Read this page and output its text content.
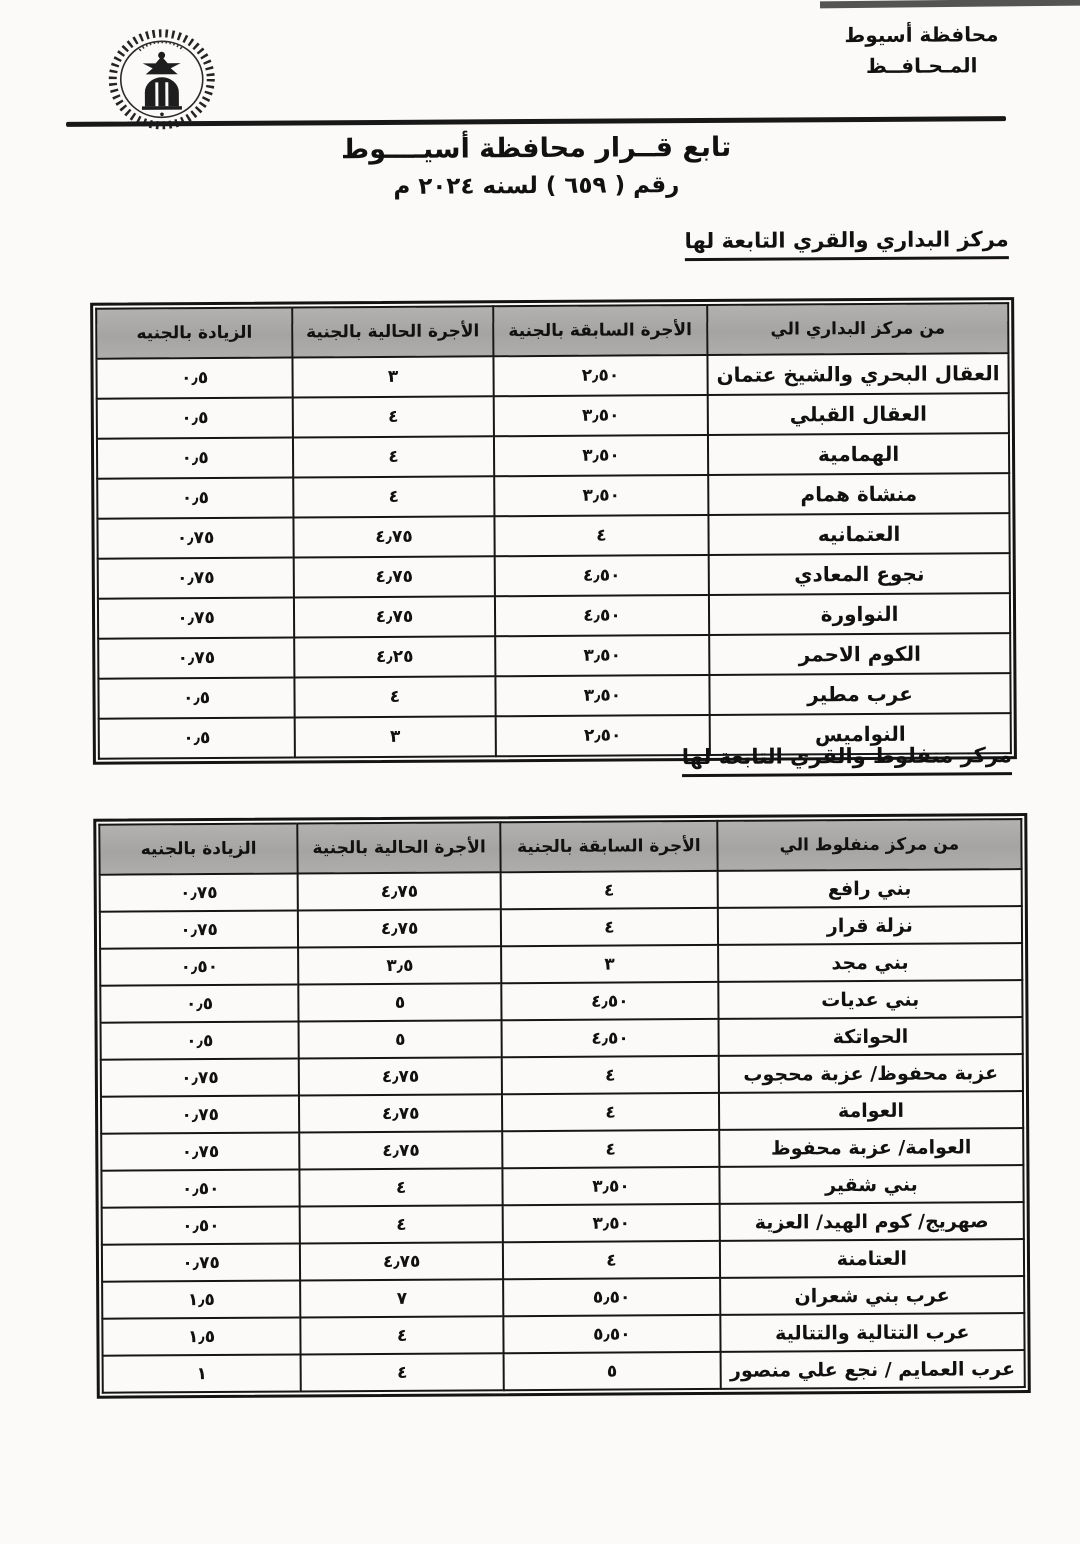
محافظة أسيوط
المـحـافــظ
تابع قــرار محافظة أسيــــوط
رقم ( ٦٥٩ ) لسنه ٢٠٢٤ م
مركز البداري والقري التابعة لها
من مركز البداري الي	الأجرة السابقة بالجنية	الأجرة الحالية بالجنية	الزيادة بالجنيه
العقال البحري والشيخ عتمان	٢٫٥٠	٣	٠٫٥
العقال القبلي	٣٫٥٠	٤	٠٫٥
الهمامية	٣٫٥٠	٤	٠٫٥
منشاة همام	٣٫٥٠	٤	٠٫٥
العتمانيه	٤	٤٫٧٥	٠٫٧٥
نجوع المعادي	٤٫٥٠	٤٫٧٥	٠٫٧٥
النواورة	٤٫٥٠	٤٫٧٥	٠٫٧٥
الكوم الاحمر	٣٫٥٠	٤٫٢٥	٠٫٧٥
عرب مطير	٣٫٥٠	٤	٠٫٥
النواميس	٢٫٥٠	٣	٠٫٥
مركز منفلوط والقري التابعة لها
من مركز منفلوط الي	الأجرة السابقة بالجنية	الأجرة الحالية بالجنية	الزيادة بالجنيه
بني رافع	٤	٤٫٧٥	٠٫٧٥
نزلة قرار	٤	٤٫٧٥	٠٫٧٥
بني مجد	٣	٣٫٥	٠٫٥٠
بني عديات	٤٫٥٠	٥	٠٫٥
الحواتكة	٤٫٥٠	٥	٠٫٥
عزبة محفوظ/ عزبة محجوب	٤	٤٫٧٥	٠٫٧٥
العوامة	٤	٤٫٧٥	٠٫٧٥
العوامة/ عزبة محفوظ	٤	٤٫٧٥	٠٫٧٥
بني شقير	٣٫٥٠	٤	٠٫٥٠
صهريج/ كوم الهيد/ العزية	٣٫٥٠	٤	٠٫٥٠
العتامنة	٤	٤٫٧٥	٠٫٧٥
عرب بني شعران	٥٫٥٠	٧	١٫٥
عرب التتالية والتتالية	٥٫٥٠	٤	١٫٥
عرب العمايم / نجع علي منصور	٥	٤	١
